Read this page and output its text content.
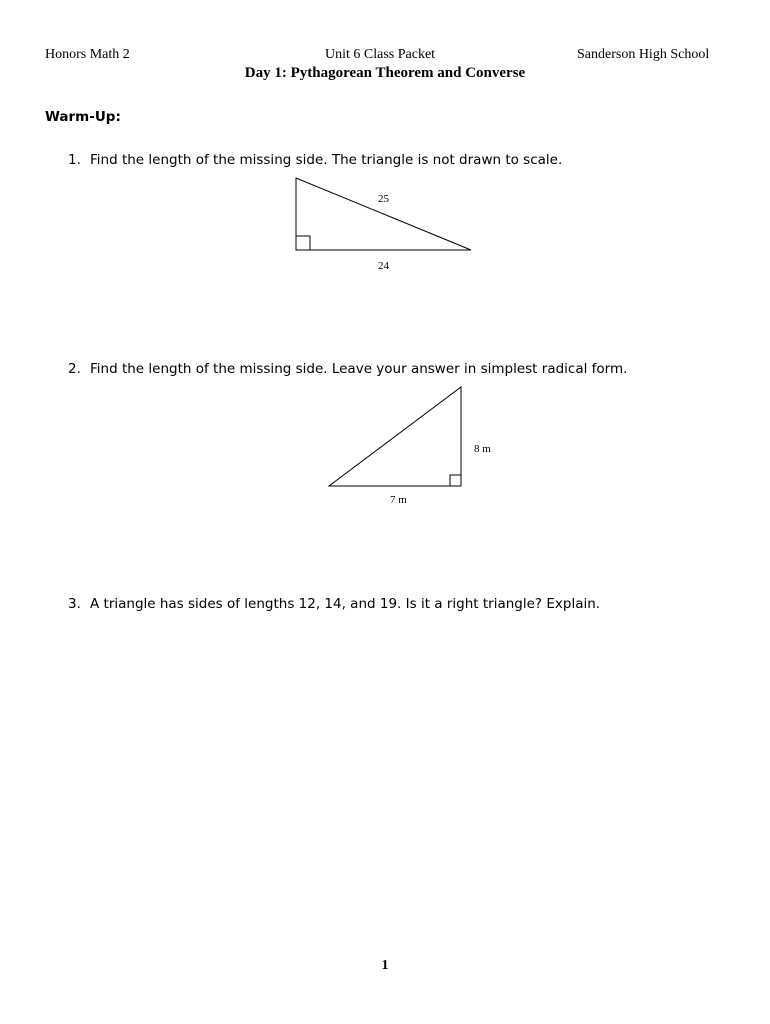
Honors Math 2	Unit 6 Class Packet	Sanderson High School
Day 1: Pythagorean Theorem and Converse
Warm-Up:
1. Find the length of the missing side. The triangle is not drawn to scale.
25
24
8 m
7 m
2. Find the length of the missing side. Leave your answer in simplest radical form.
3. A triangle has sides of lengths 12, 14, and 19. Is it a right triangle? Explain.
1
